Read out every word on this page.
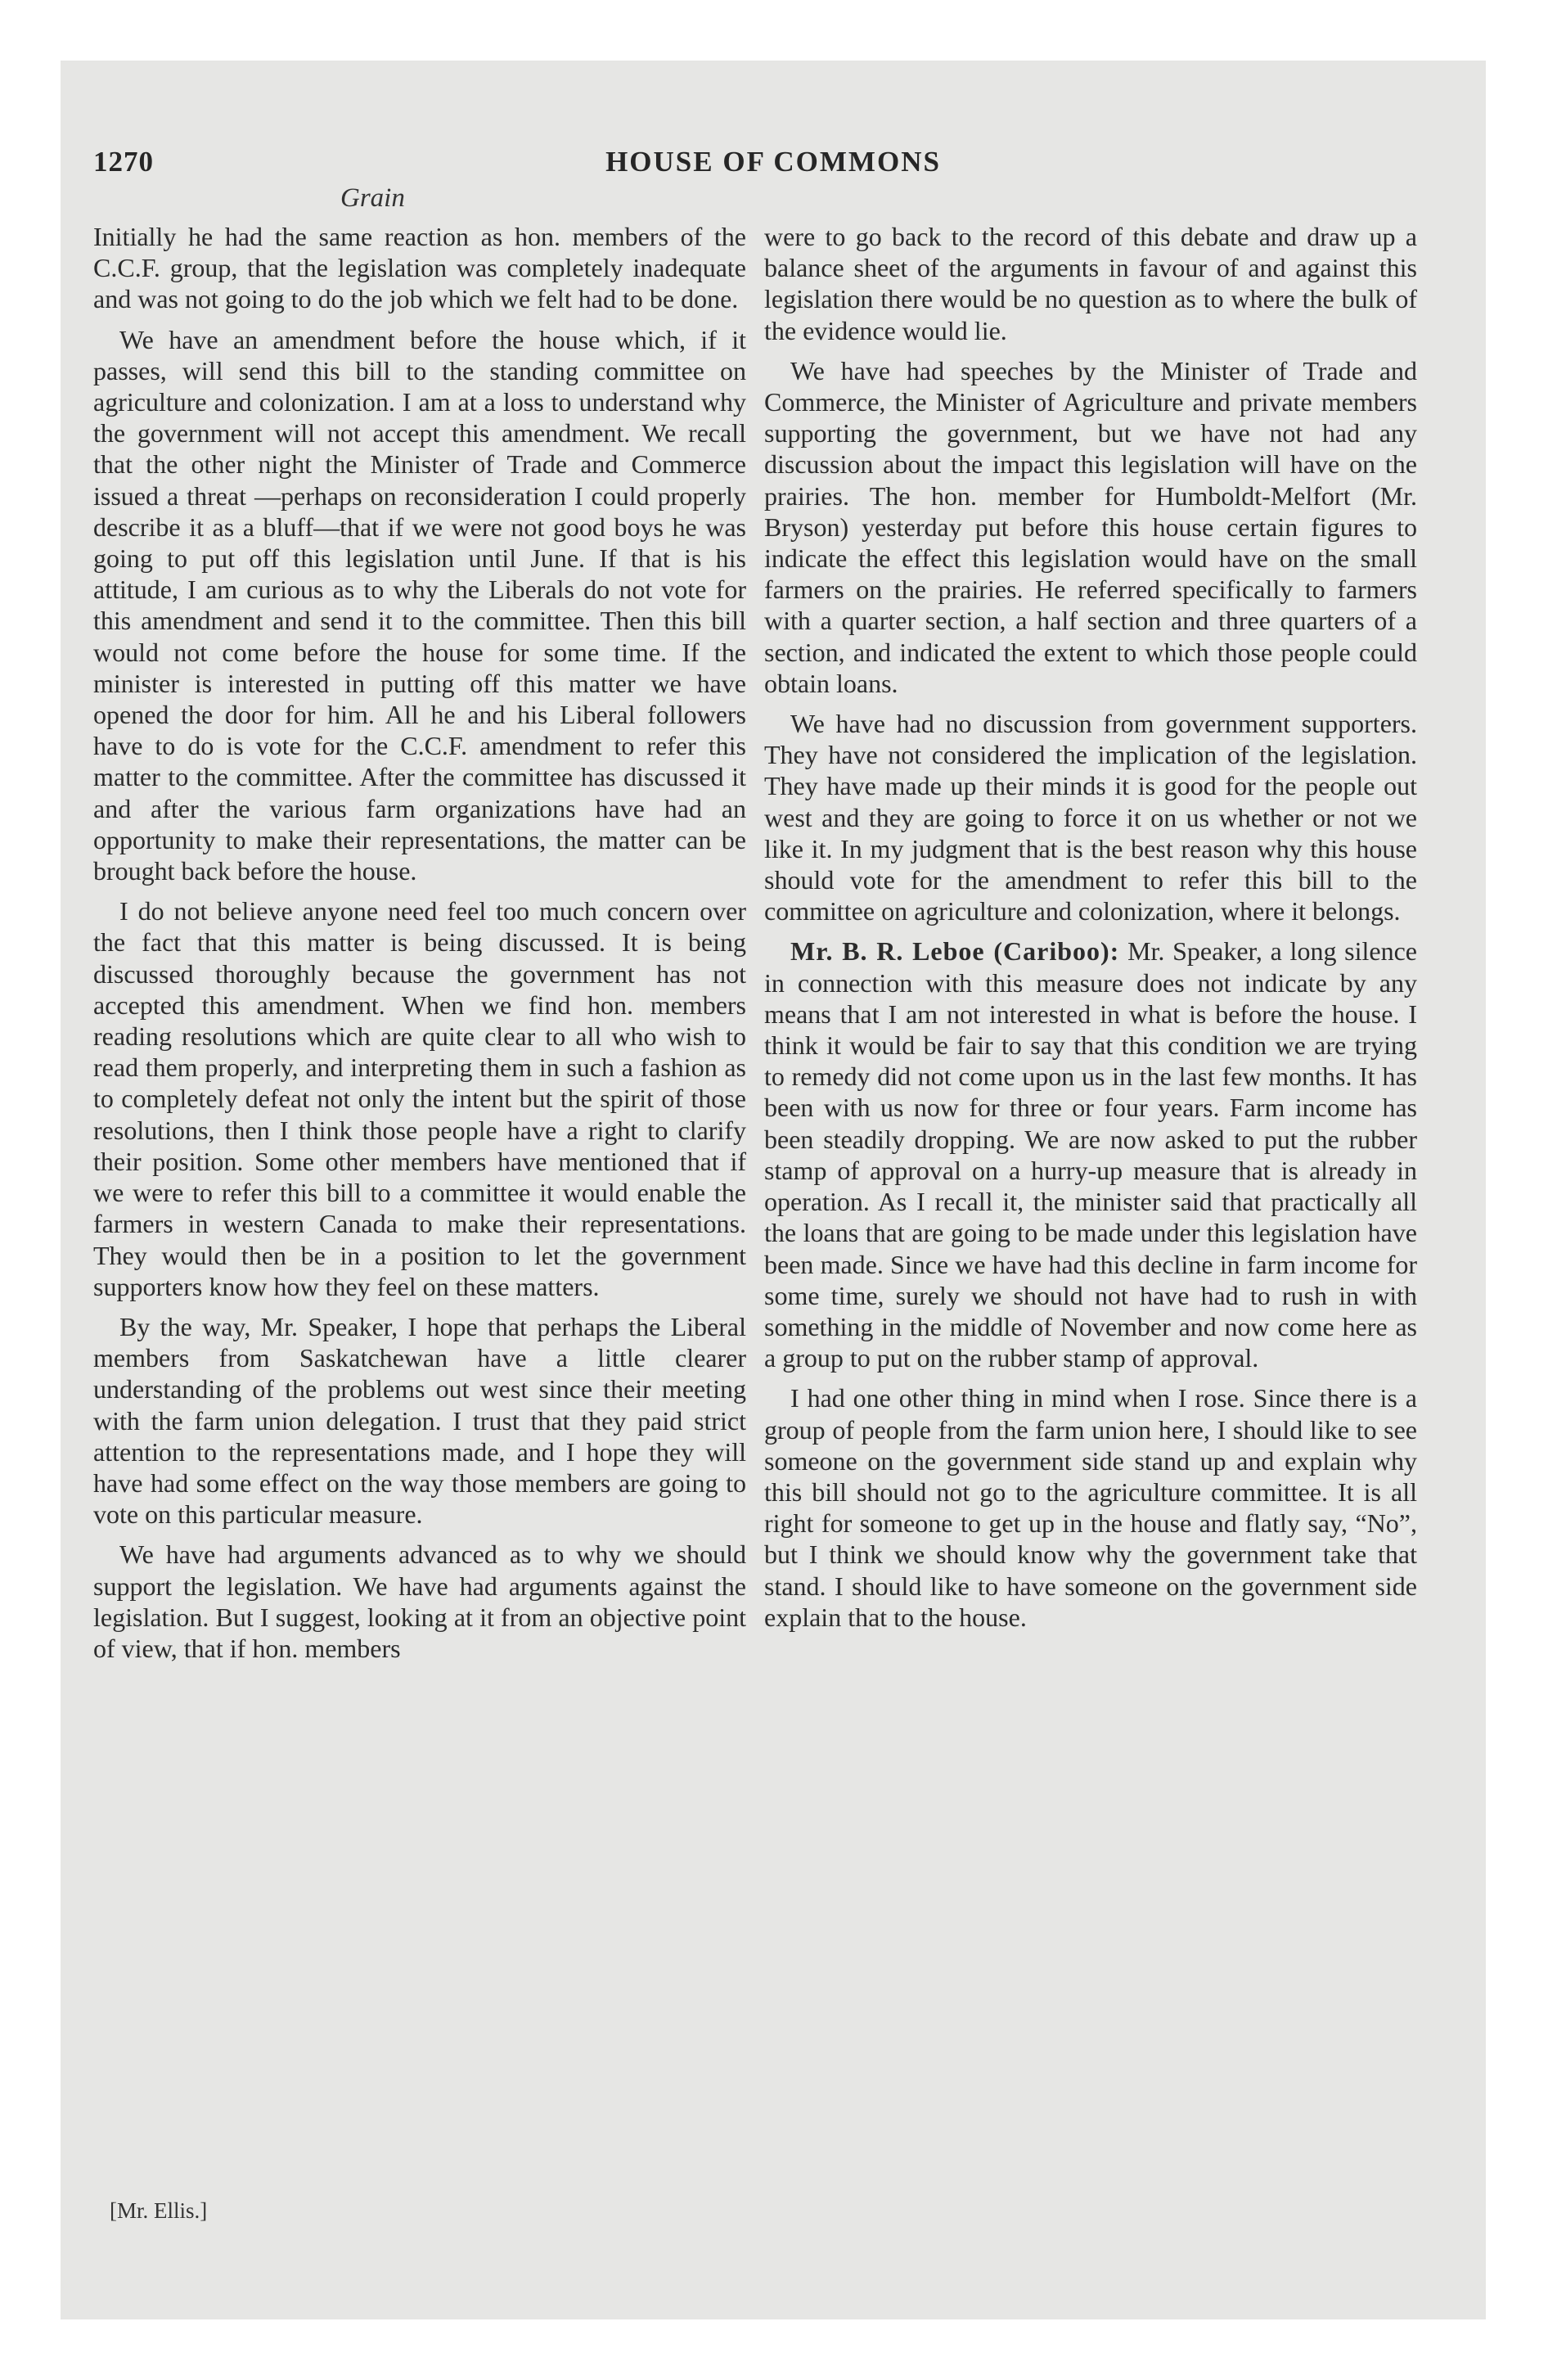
1270	HOUSE OF COMMONS
Grain

Initially he had the same reaction as hon. members of the C.C.F. group, that the legislation was completely inadequate and was not going to do the job which we felt had to be done.

We have an amendment before the house which, if it passes, will send this bill to the standing committee on agriculture and colonization. I am at a loss to understand why the government will not accept this amendment. We recall that the other night the Minister of Trade and Commerce issued a threat —perhaps on reconsideration I could properly describe it as a bluff—that if we were not good boys he was going to put off this legislation until June. If that is his attitude, I am curious as to why the Liberals do not vote for this amendment and send it to the committee. Then this bill would not come before the house for some time. If the minister is interested in putting off this matter we have opened the door for him. All he and his Liberal followers have to do is vote for the C.C.F. amendment to refer this matter to the committee. After the committee has discussed it and after the various farm organizations have had an opportunity to make their representations, the matter can be brought back before the house.

I do not believe anyone need feel too much concern over the fact that this matter is being discussed. It is being discussed thoroughly because the government has not accepted this amendment. When we find hon. members reading resolutions which are quite clear to all who wish to read them properly, and interpreting them in such a fashion as to completely defeat not only the intent but the spirit of those resolutions, then I think those people have a right to clarify their position. Some other members have mentioned that if we were to refer this bill to a committee it would enable the farmers in western Canada to make their representations. They would then be in a position to let the government supporters know how they feel on these matters.

By the way, Mr. Speaker, I hope that perhaps the Liberal members from Saskatchewan have a little clearer understanding of the problems out west since their meeting with the farm union delegation. I trust that they paid strict attention to the representations made, and I hope they will have had some effect on the way those members are going to vote on this particular measure.

We have had arguments advanced as to why we should support the legislation. We have had arguments against the legislation. But I suggest, looking at it from an objective point of view, that if hon. members

were to go back to the record of this debate and draw up a balance sheet of the arguments in favour of and against this legislation there would be no question as to where the bulk of the evidence would lie.

We have had speeches by the Minister of Trade and Commerce, the Minister of Agriculture and private members supporting the government, but we have not had any discussion about the impact this legislation will have on the prairies. The hon. member for Humboldt-Melfort (Mr. Bryson) yesterday put before this house certain figures to indicate the effect this legislation would have on the small farmers on the prairies. He referred specifically to farmers with a quarter section, a half section and three quarters of a section, and indicated the extent to which those people could obtain loans.

We have had no discussion from government supporters. They have not considered the implication of the legislation. They have made up their minds it is good for the people out west and they are going to force it on us whether or not we like it. In my judgment that is the best reason why this house should vote for the amendment to refer this bill to the committee on agriculture and colonization, where it belongs.

Mr. B. R. Leboe (Cariboo): Mr. Speaker, a long silence in connection with this measure does not indicate by any means that I am not interested in what is before the house. I think it would be fair to say that this condition we are trying to remedy did not come upon us in the last few months. It has been with us now for three or four years. Farm income has been steadily dropping. We are now asked to put the rubber stamp of approval on a hurry-up measure that is already in operation. As I recall it, the minister said that practically all the loans that are going to be made under this legislation have been made. Since we have had this decline in farm income for some time, surely we should not have had to rush in with something in the middle of November and now come here as a group to put on the rubber stamp of approval.

I had one other thing in mind when I rose. Since there is a group of people from the farm union here, I should like to see someone on the government side stand up and explain why this bill should not go to the agriculture committee. It is all right for someone to get up in the house and flatly say, “No”, but I think we should know why the government take that stand. I should like to have someone on the government side explain that to the house.

[Mr. Ellis.]
